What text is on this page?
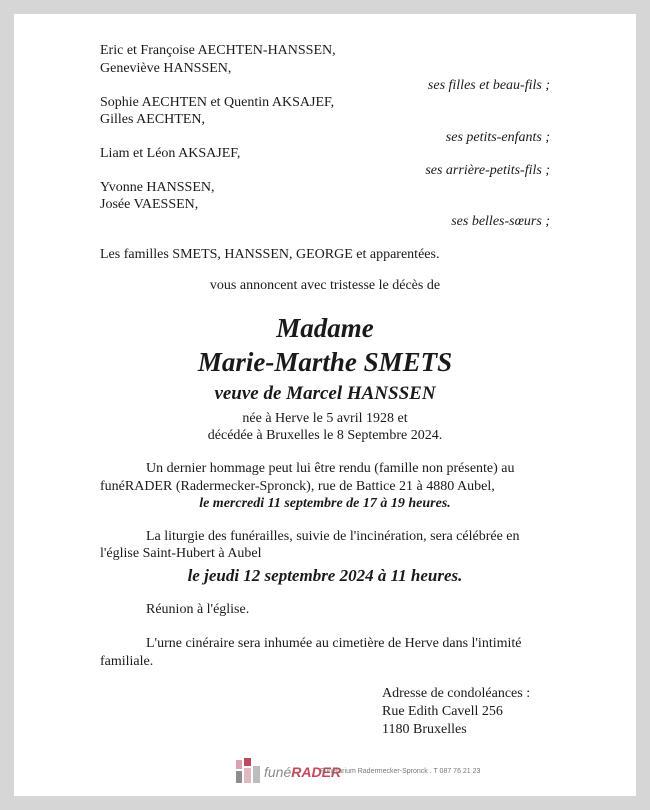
Eric et Françoise AECHTEN-HANSSEN,
Geneviève HANSSEN,
ses filles et beau-fils ;
Sophie AECHTEN et Quentin AKSAJEF,
Gilles AECHTEN,
ses petits-enfants ;
Liam et Léon AKSAJEF,
ses arrière-petits-fils ;
Yvonne HANSSEN,
Josée VAESSEN,
ses belles-sœurs ;
Les familles SMETS, HANSSEN, GEORGE et apparentées.
vous annoncent avec tristesse le décès de
Madame
Marie-Marthe SMETS
veuve de Marcel HANSSEN
née à Herve le 5 avril 1928 et
décédée à Bruxelles le 8 Septembre 2024.
Un dernier hommage peut lui être rendu (famille non présente) au
funéRADER (Radermecker-Spronck), rue de Battice 21 à 4880 Aubel,
le mercredi 11 septembre de 17 à 19 heures.
La liturgie des funérailles, suivie de l'incinération, sera célébrée en
l'église Saint-Hubert à Aubel
le jeudi 12 septembre 2024 à 11 heures.
Réunion à l'église.
L'urne cinéraire sera inhumée au cimetière de Herve dans l'intimité
familiale.
Adresse de condoléances :
Rue Edith Cavell 256
1180 Bruxelles
funéRADER
Funérarium Radermecker-Spronck . T 087 76 21 23
